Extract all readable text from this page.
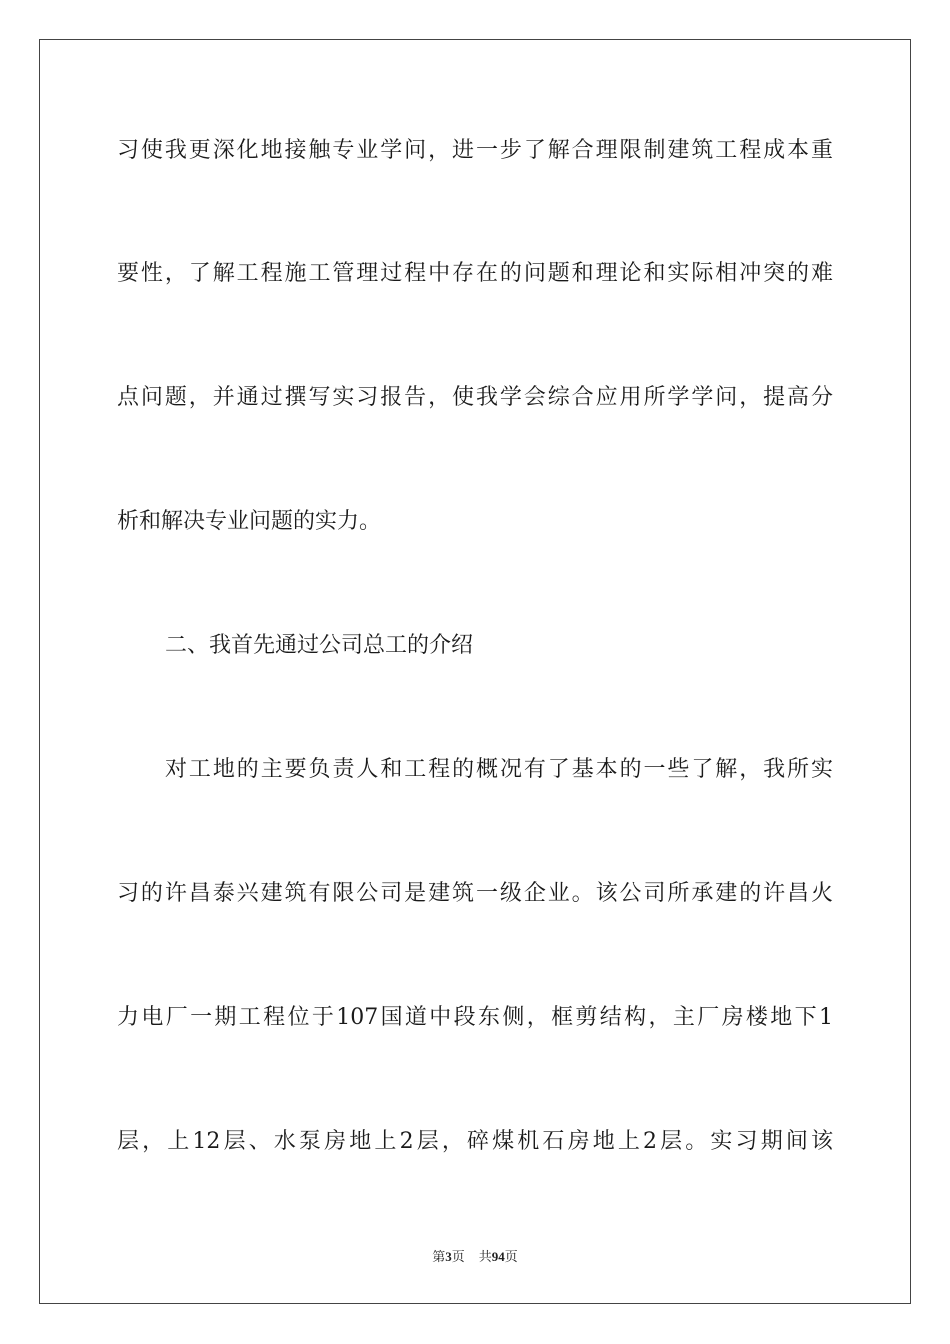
习使我更深化地接触专业学问，进一步了解合理限制建筑工程成本重
要性，了解工程施工管理过程中存在的问题和理论和实际相冲突的难
点问题，并通过撰写实习报告，使我学会综合应用所学学问，提高分
析和解决专业问题的实力。
二、我首先通过公司总工的介绍
对工地的主要负责人和工程的概况有了基本的一些了解，我所实
习的许昌泰兴建筑有限公司是建筑一级企业。该公司所承建的许昌火
力电厂一期工程位于107国道中段东侧，框剪结构，主厂房楼地下1
层，上12层、水泵房地上2层，碎煤机石房地上2层。实习期间该
第3页 共94页
